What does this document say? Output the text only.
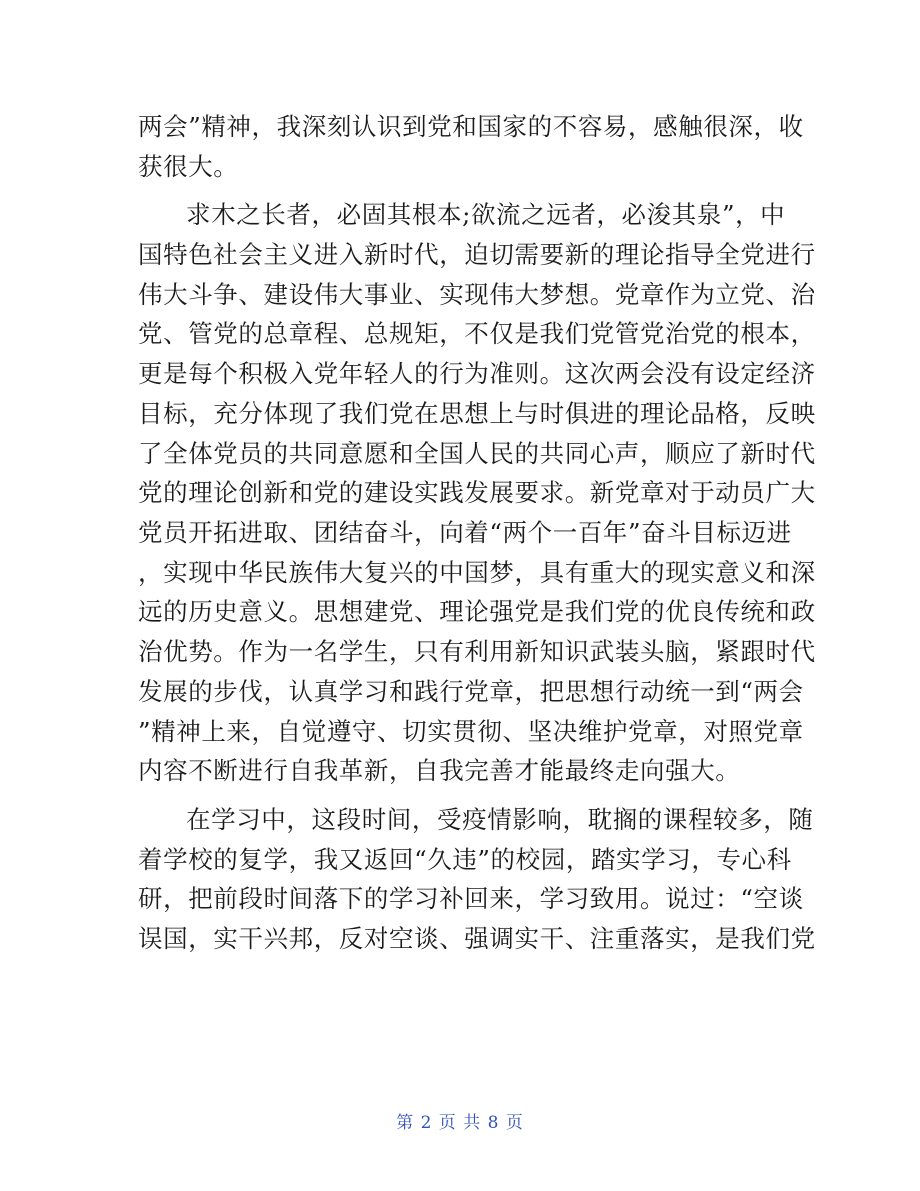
两会”精神，我深刻认识到党和国家的不容易，感触很深，收
获很大。
求木之长者，必固其根本;欲流之远者，必浚其泉”，中
国特色社会主义进入新时代，迫切需要新的理论指导全党进行
伟大斗争、建设伟大事业、实现伟大梦想。党章作为立党、治
党、管党的总章程、总规矩，不仅是我们党管党治党的根本，
更是每个积极入党年轻人的行为准则。这次两会没有设定经济
目标，充分体现了我们党在思想上与时俱进的理论品格，反映
了全体党员的共同意愿和全国人民的共同心声，顺应了新时代
党的理论创新和党的建设实践发展要求。新党章对于动员广大
党员开拓进取、团结奋斗，向着“两个一百年”奋斗目标迈进
，实现中华民族伟大复兴的中国梦，具有重大的现实意义和深
远的历史意义。思想建党、理论强党是我们党的优良传统和政
治优势。作为一名学生，只有利用新知识武装头脑，紧跟时代
发展的步伐，认真学习和践行党章，把思想行动统一到“两会
”精神上来，自觉遵守、切实贯彻、坚决维护党章，对照党章
内容不断进行自我革新，自我完善才能最终走向强大。
在学习中，这段时间，受疫情影响，耽搁的课程较多，随
着学校的复学，我又返回“久违”的校园，踏实学习，专心科
研，把前段时间落下的学习补回来，学习致用。说过：“空谈
误国，实干兴邦，反对空谈、强调实干、注重落实，是我们党
第 2 页 共 8 页
